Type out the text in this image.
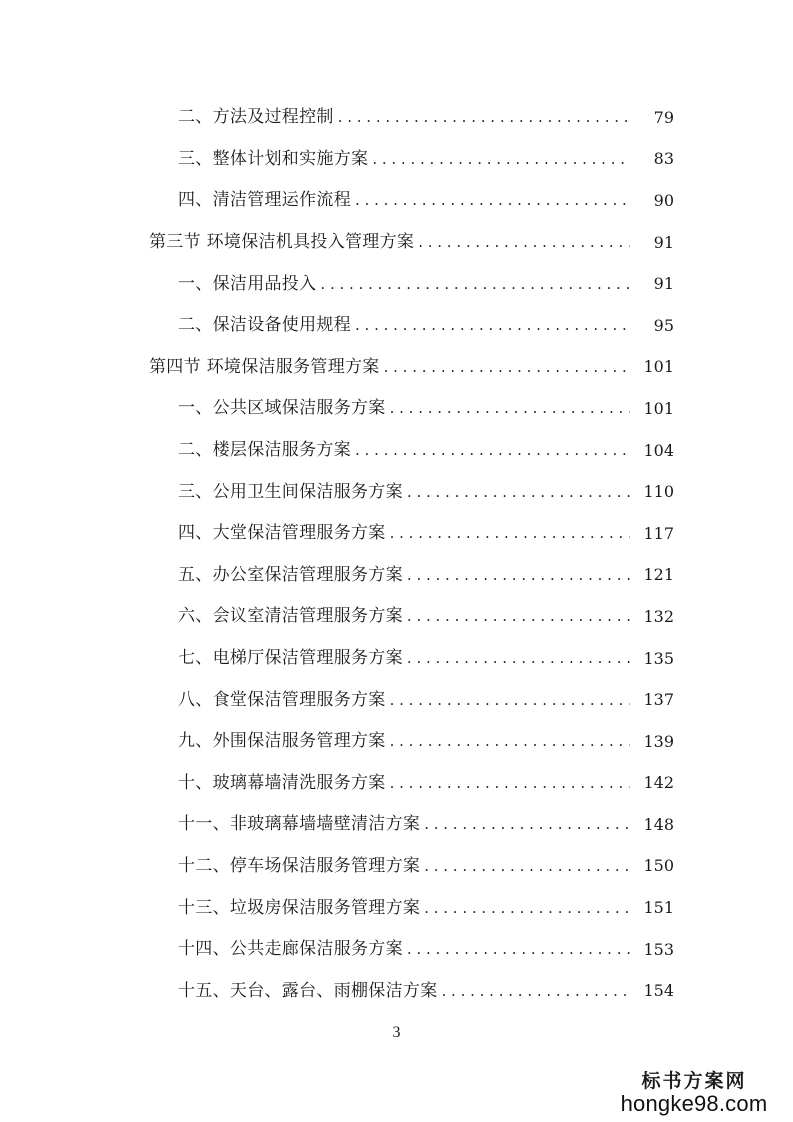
二、方法及过程控制 . . .	79
三、整体计划和实施方案 . . .	83
四、清洁管理运作流程 . . .	90
第三节 环境保洁机具投入管理方案 . . .	91
一、保洁用品投入 . . .	91
二、保洁设备使用规程 . . .	95
第四节 环境保洁服务管理方案 . . .	101
一、公共区域保洁服务方案 . . .	101
二、楼层保洁服务方案 . . .	104
三、公用卫生间保洁服务方案 . . .	110
四、大堂保洁管理服务方案 . . .	117
五、办公室保洁管理服务方案 . . .	121
六、会议室清洁管理服务方案 . . .	132
七、电梯厅保洁管理服务方案 . . .	135
八、食堂保洁管理服务方案 . . .	137
九、外围保洁服务管理方案 . . .	139
十、玻璃幕墙清洗服务方案 . . .	142
十一、非玻璃幕墙墙壁清洁方案 . . .	148
十二、停车场保洁服务管理方案 . . .	150
十三、垃圾房保洁服务管理方案 . . .	151
十四、公共走廊保洁服务方案 . . .	153
十五、天台、露台、雨棚保洁方案 . . .	154
3
标书方案网
hongke98.com
